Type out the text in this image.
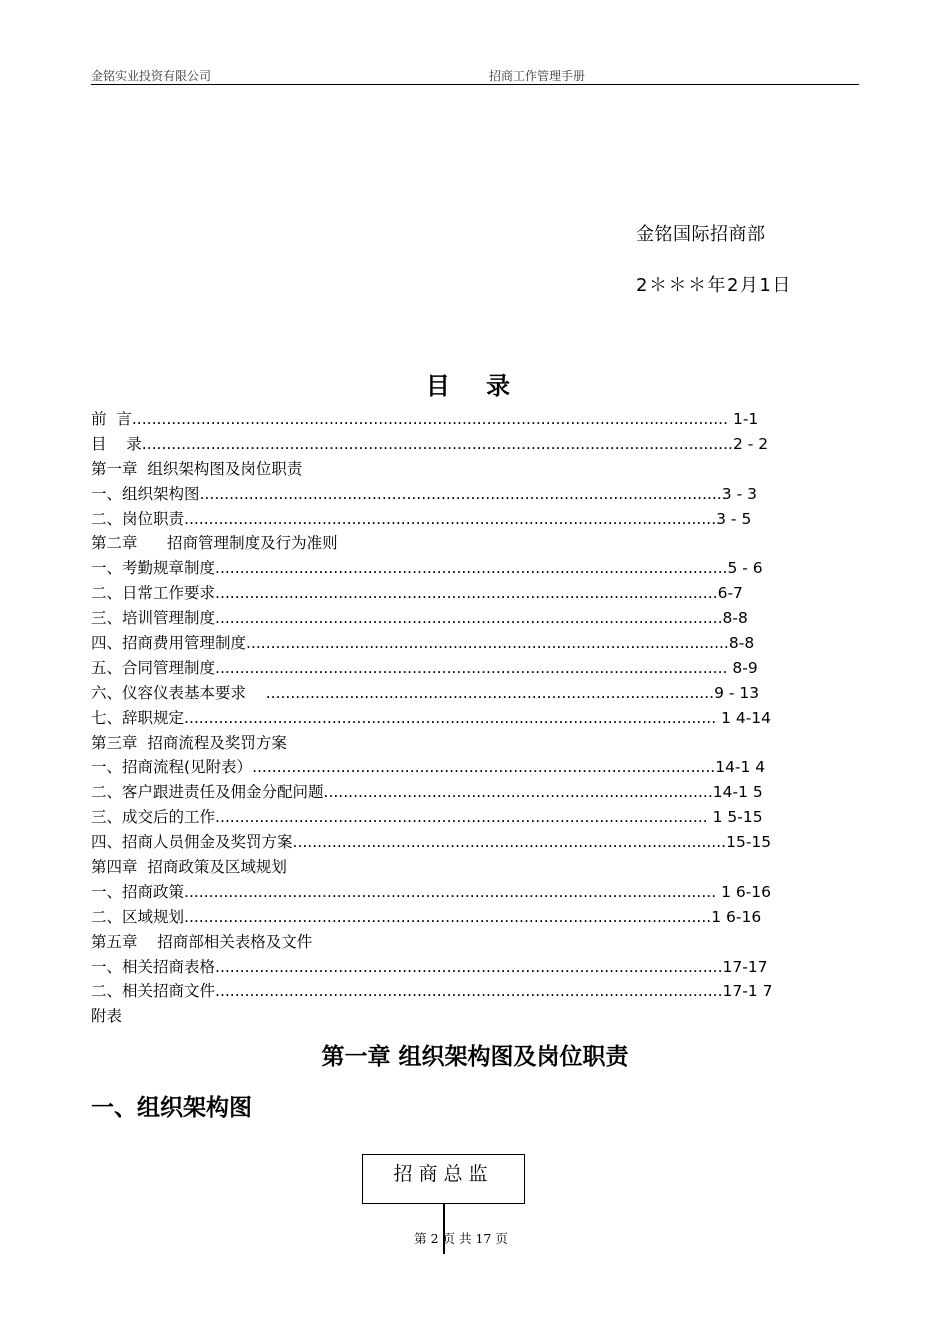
金铭实业投资有限公司	招商工作管理手册
金铭国际招商部
2＊＊＊年2月1日
目 录
前  言......................................................................................................................... 1-1
目    录........................................................................................................................2 - 2
第一章  组织架构图及岗位职责
一、组织架构图..........................................................................................................3 - 3
二、岗位职责............................................................................................................3 - 5
第二章      招商管理制度及行为准则
一、考勤规章制度........................................................................................................5 - 6
二、日常工作要求......................................................................................................6-7
三、培训管理制度.......................................................................................................8-8
四、招商费用管理制度..................................................................................................8-8
五、合同管理制度........................................................................................................ 8-9
六、仪容仪表基本要求    ...........................................................................................9 - 13
七、辞职规定............................................................................................................ 1 4-14
第三章  招商流程及奖罚方案
一、招商流程(见附表）..............................................................................................14-1 4
二、客户跟进责任及佣金分配问题...............................................................................14-1 5
三、成交后的工作.................................................................................................... 1 5-15
四、招商人员佣金及奖罚方案........................................................................................15-15
第四章  招商政策及区域规划
一、招商政策............................................................................................................ 1 6-16
二、区域规划...........................................................................................................1 6-16
第五章    招商部相关表格及文件
一、相关招商表格.......................................................................................................17-17
二、相关招商文件.......................................................................................................17-1 7
附表
第一章 组织架构图及岗位职责
一、组织架构图
招商总监
第 2 页 共 17 页
